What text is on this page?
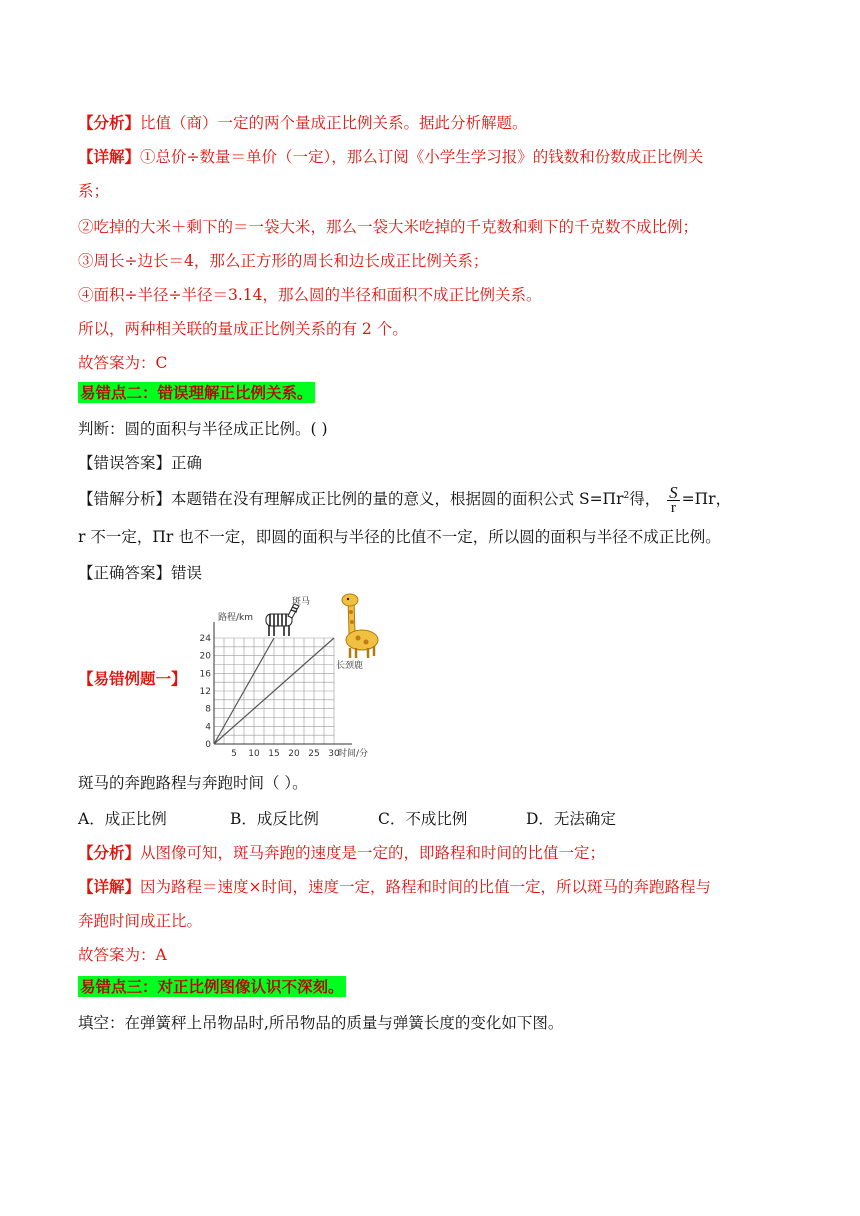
【分析】比值（商）一定的两个量成正比例关系。据此分析解题。
【详解】①总价÷数量＝单价（一定），那么订阅《小学生学习报》的钱数和份数成正比例关
系；
②吃掉的大米＋剩下的＝一袋大米，那么一袋大米吃掉的千克数和剩下的千克数不成比例；
③周长÷边长＝4，那么正方形的周长和边长成正比例关系；
④面积÷半径÷半径＝3.14，那么圆的半径和面积不成正比例关系。
所以，两种相关联的量成正比例关系的有 2 个。
故答案为：C
易错点二：错误理解正比例关系。
判断：圆的面积与半径成正比例。( )
【错误答案】正确
【错解分析】本题错在没有理解成正比例的量的意义，根据圆的面积公式 $S=\Pi r^2$得， $\frac{S}{r} =\Pi r$，
r 不一定，Πr 也不一定，即圆的面积与半径的比值不一定，所以圆的面积与半径不成正比例。
【正确答案】错误
【易错例题一】
5 10 15 20 25 30
0
4
8
12
16
20
24
路程/km
时间/分
斑马
长颈鹿
斑马的奔跑路程与奔跑时间（ ）。
A．成正比例	B．成反比例	C．不成比例	D．无法确定
【分析】从图像可知，斑马奔跑的速度是一定的，即路程和时间的比值一定；
【详解】因为路程＝速度×时间，速度一定，路程和时间的比值一定，所以斑马的奔跑路程与
奔跑时间成正比。
故答案为：A
易错点三：对正比例图像认识不深刻。
填空：在弹簧秤上吊物品时,所吊物品的质量与弹簧长度的变化如下图。
